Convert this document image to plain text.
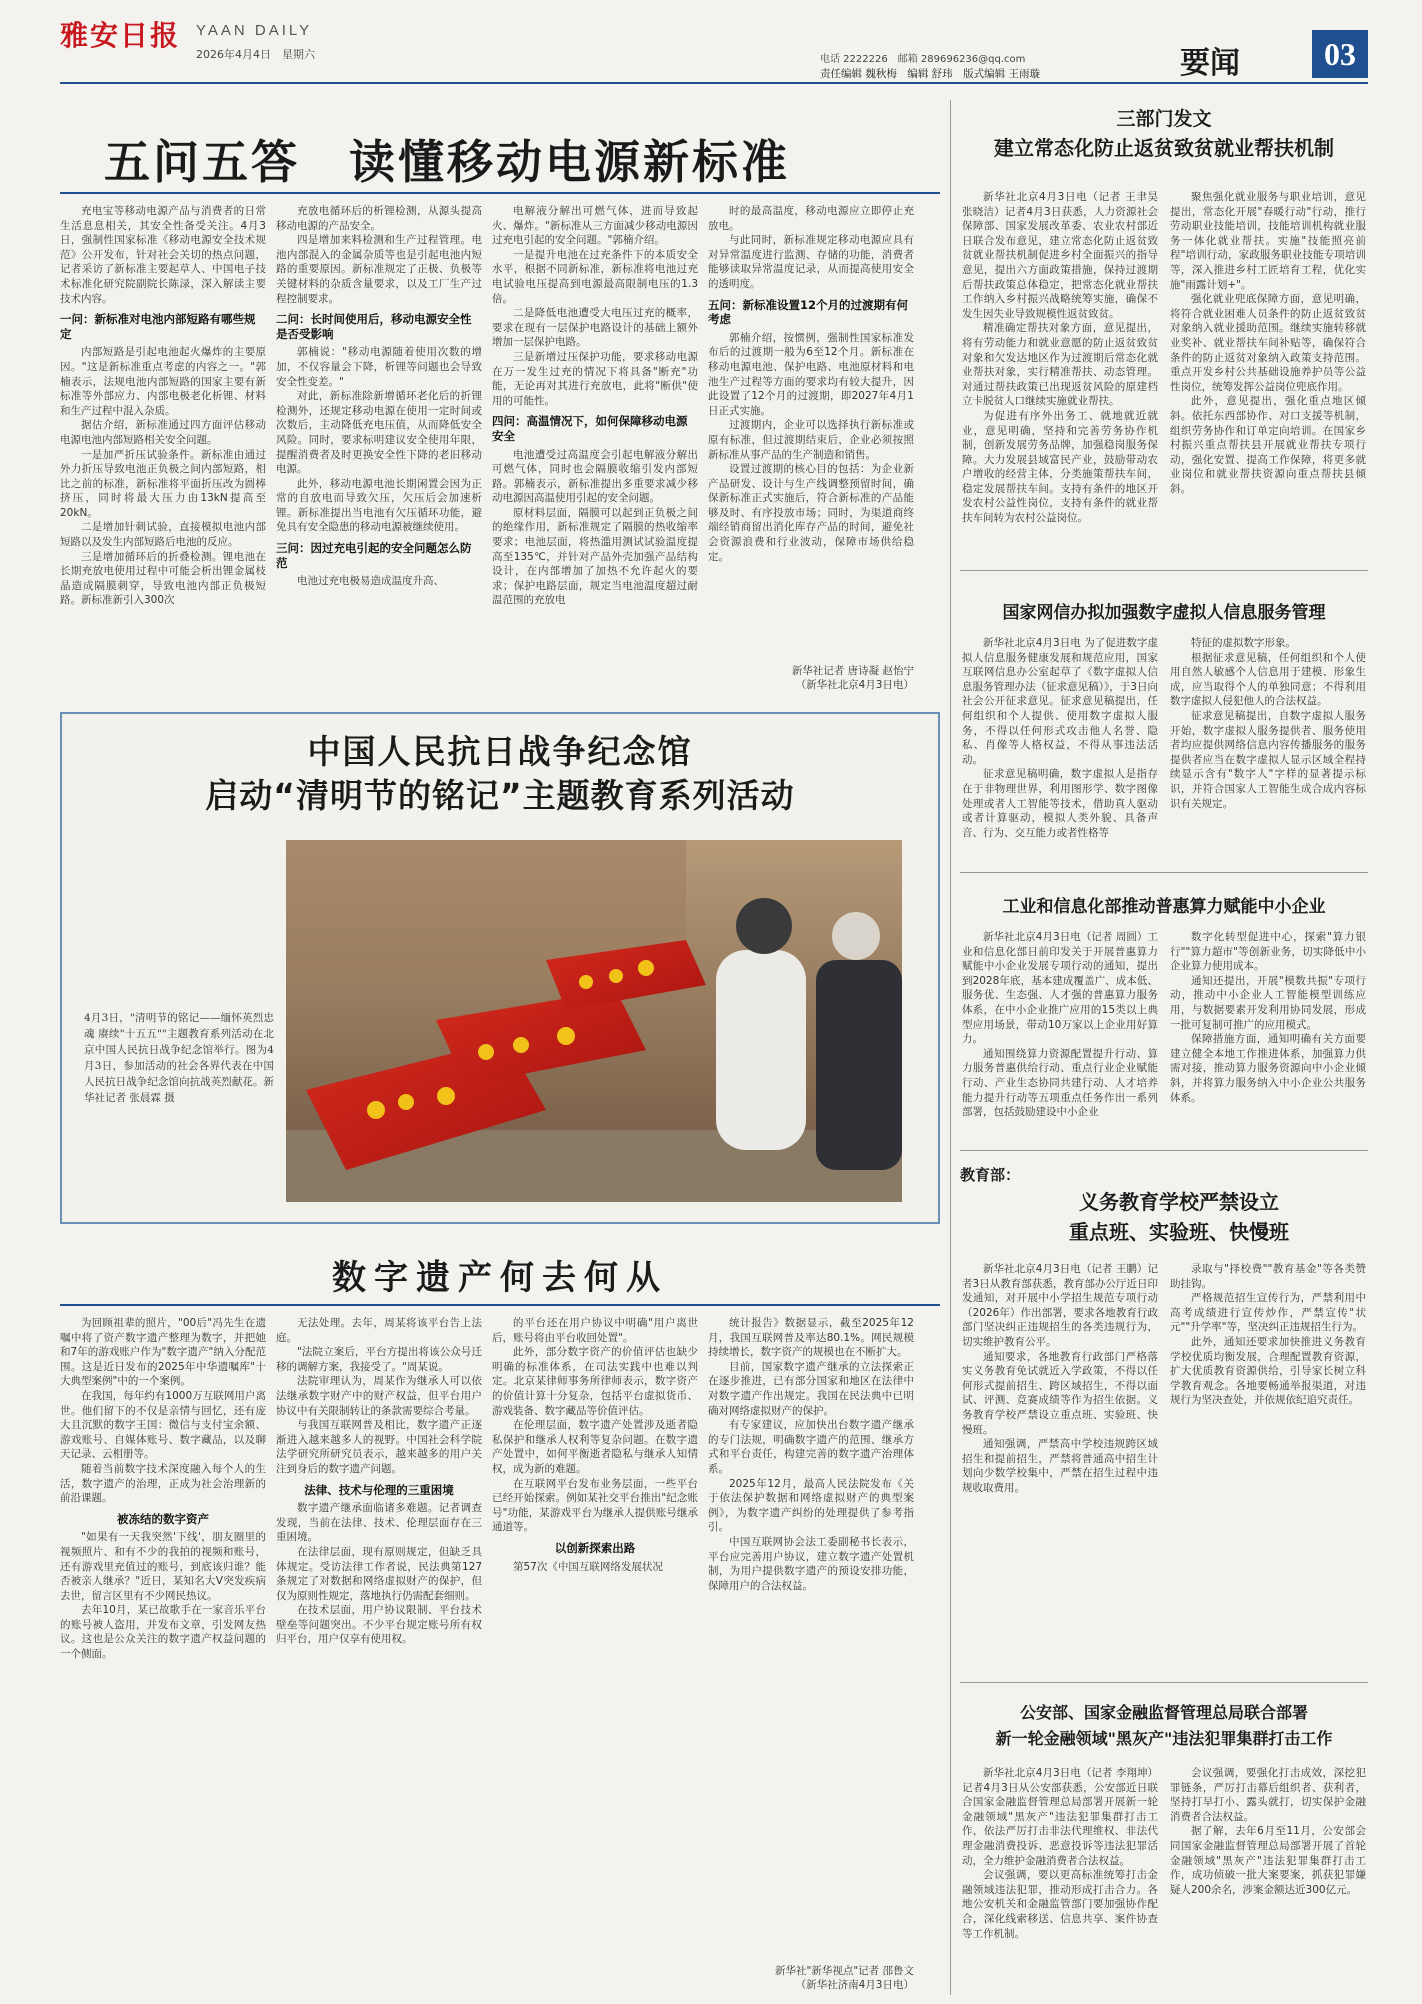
雅安日报 YAAN DAILY
2026年4月4日　星期六	电话 2222226　邮箱 289696236@qq.com
责任编辑 魏秋梅　编辑 舒玮　版式编辑 王雨璇	要闻	03
五问五答　读懂移动电源新标准

充电宝等移动电源产品与消费者的日常生活息息相关，其安全性备受关注。4月3日，强制性国家标准《移动电源安全技术规范》公开发布，针对社会关切的热点问题，记者采访了新标准主要起草人、中国电子技术标准化研究院副院长陈渌，深入解读主要技术内容。

一问：新标准对电池内部短路有哪些规定

内部短路是引起电池起火爆炸的主要原因。"这是新标准重点考虑的内容之一。"郭楠表示，法规电池内部短路的国家主要有新标准等外部应力、内部电极老化析锂、材料和生产过程中混入杂质。

据估介绍，新标准通过四方面评估移动电源电池内部短路相关安全问题。

一是加严折压试验条件。新标准由通过外力折压导致电池正负极之间内部短路，相比之前的标准，新标准将平面折压改为圆棒挤压，同时将最大压力由13kN提高至20kN。

二是增加针刺试验，直接模拟电池内部短路以及发生内部短路后电池的反应。

三是增加循环后的折叠检测。锂电池在长期充放电使用过程中可能会析出锂金属枝晶造成隔膜刺穿，导致电池内部正负极短路。新标准新引入300次

充放电循环后的析锂检测，从源头提高移动电源的产品安全。

四是增加来料检测和生产过程管理。电池内部混入的金属杂质等也是引起电池内短路的重要原因。新标准规定了正极、负极等关键材料的杂质含量要求，以及工厂生产过程控制要求。

二问：长时间使用后，移动电源安全性是否受影响

郭楠说："移动电源随着使用次数的增加，不仅容量会下降，析锂等问题也会导致安全性变差。"

对此，新标准除新增循环老化后的折锂检测外，还规定移动电源在使用一定时间或次数后，主动降低充电压值，从而降低安全风险。同时，要求标明建议安全使用年限，提醒消费者及时更换安全性下降的老旧移动电源。

此外，移动电源电池长期闲置会因为正常的自放电而导致欠压，欠压后会加速析锂。新标准提出当电池有欠压循环功能，避免具有安全隐患的移动电源被继续使用。

三问：因过充电引起的安全问题怎么防范

电池过充电极易造成温度升高、

电解液分解出可燃气体，进而导致起火、爆炸。"新标准从三方面减少移动电源因过充电引起的安全问题。"郭楠介绍。

一是提升电池在过充条件下的本质安全水平，根据不同新标准，新标准将电池过充电试验电压提高到电源最高限制电压的1.3倍。

二是降低电池遭受大电压过充的概率，要求在现有一层保护电路设计的基础上额外增加一层保护电路。

三是新增过压保护功能，要求移动电源在万一发生过充的情况下将具备"断充"功能，无论再对其进行充放电，此将"断供"使用的可能性。

四问：高温情况下，如何保障移动电源安全

电池遭受过高温度会引起电解液分解出可燃气体，同时也会隔膜收缩引发内部短路。郭楠表示，新标准提出多重要求减少移动电源因高温使用引起的安全问题。

原材料层面，隔膜可以起到正负极之间的绝缘作用，新标准规定了隔膜的热收缩率要求；电池层面，将热滥用测试试验温度提高至135℃，并针对产品外壳加强产品结构设计，在内部增加了加热不允许起火的要求；保护电路层面，规定当电池温度超过耐温范围的充放电

时的最高温度，移动电源应立即停止充放电。

与此同时，新标准规定移动电源应具有对异常温度进行监测、存储的功能，消费者能够读取异常温度记录，从而提高使用安全的透明度。

五问：新标准设置12个月的过渡期有何考虑

郭楠介绍，按惯例，强制性国家标准发布后的过渡期一般为6至12个月。新标准在移动电源电池、保护电路、电池原材料和电池生产过程等方面的要求均有较大提升，因此设置了12个月的过渡期，即2027年4月1日正式实施。

过渡期内，企业可以选择执行新标准或原有标准，但过渡期结束后，企业必须按照新标准从事产品的生产制造和销售。

设置过渡期的核心目的包括：为企业新产品研发、设计与生产线调整预留时间，确保新标准正式实施后，符合新标准的产品能够及时、有序投放市场；同时，为渠道商终端经销商留出消化库存产品的时间，避免社会资源浪费和行业波动，保障市场供给稳定。

新华社记者 唐诗凝 赵怡宁
（新华社北京4月3日电）
三部门发文
建立常态化防止返贫致贫就业帮扶机制

新华社北京4月3日电（记者 王聿昊 张晓洁）记者4月3日获悉，人力资源社会保障部、国家发展改革委、农业农村部近日联合发布意见，建立常态化防止返贫致贫就业帮扶机制促进乡村全面振兴的指导意见，提出六方面政策措施，保持过渡期后帮扶政策总体稳定，把常态化就业帮扶工作纳入乡村振兴战略统筹实施，确保不发生因失业导致规模性返贫致贫。

精准确定帮扶对象方面，意见提出，将有劳动能力和就业意愿的防止返贫致贫对象和欠发达地区作为过渡期后常态化就业帮扶对象，实行精准帮扶、动态管理。对通过帮扶政策已出现返贫风险的原建档立卡脱贫人口继续实施就业帮扶。

为促进有序外出务工、就地就近就业，意见明确，坚持和完善劳务协作机制，创新发展劳务品牌，加强稳岗服务保障。大力发展县域富民产业，鼓励带动农户增收的经营主体，分类施策帮扶车间，稳定发展帮扶车间。支持有条件的地区开发农村公益性岗位，支持有条件的就业帮扶车间转为农村公益岗位。

聚焦强化就业服务与职业培训，意见提出，常态化开展"春暖行动"行动，推行劳动职业技能培训，技能培训机构就业服务一体化就业帮扶。实施"技能照亮前程"培训行动，家政服务职业技能专项培训等，深入推进乡村工匠培育工程，优化实施"雨露计划+"。

强化就业兜底保障方面，意见明确，将符合就业困难人员条件的防止返贫致贫对象纳入就业援助范围。继续实施转移就业奖补、就业帮扶车间补贴等，确保符合条件的防止返贫对象纳入政策支持范围。重点开发乡村公共基础设施养护员等公益性岗位，统筹发挥公益岗位兜底作用。

此外，意见提出，强化重点地区倾斜。依托东西部协作、对口支援等机制，组织劳务协作和订单定向培训。在国家乡村振兴重点帮扶县开展就业帮扶专项行动，强化安置、提高工作保障，将更多就业岗位和就业帮扶资源向重点帮扶县倾斜。

国家网信办拟加强数字虚拟人信息服务管理

新华社北京4月3日电 为了促进数字虚拟人信息服务健康发展和规范应用，国家互联网信息办公室起草了《数字虚拟人信息服务管理办法（征求意见稿）》，于3日向社会公开征求意见。征求意见稿提出，任何组织和个人提供、使用数字虚拟人服务，不得以任何形式攻击他人名誉、隐私、肖像等人格权益，不得从事违法活动。

征求意见稿明确，数字虚拟人是指存在于非物理世界，利用图形学、数字图像处理或者人工智能等技术，借助真人驱动或者计算驱动，模拟人类外貌、具备声音、行为、交互能力或者性格等

特征的虚拟数字形象。

根据征求意见稿，任何组织和个人使用自然人敏感个人信息用于建模、形象生成，应当取得个人的单独同意；不得利用数字虚拟人侵犯他人的合法权益。

征求意见稿提出，自数字虚拟人服务开始，数字虚拟人服务提供者、服务使用者均应提供网络信息内容传播服务的服务提供者应当在数字虚拟人显示区域全程持续显示含有"数字人"字样的显著提示标识，并符合国家人工智能生成合成内容标识有关规定。

工业和信息化部推动普惠算力赋能中小企业

新华社北京4月3日电（记者 周圆）工业和信息化部日前印发关于开展普惠算力赋能中小企业发展专项行动的通知，提出到2028年底，基本建成覆盖广、成本低、服务优、生态强、人才强的普惠算力服务体系，在中小企业推广应用的15类以上典型应用场景，带动10万家以上企业用好算力。

通知围绕算力资源配置提升行动、算力服务普惠供给行动、重点行业企业赋能行动、产业生态协同共建行动、人才培养能力提升行动等五项重点任务作出一系列部署，包括鼓励建设中小企业

数字化转型促进中心，探索"算力银行""算力超市"等创新业务，切实降低中小企业算力使用成本。

通知还提出，开展"模数共振"专项行动，推动中小企业人工智能模型训练应用，与数据要素开发利用协同发展，形成一批可复制可推广的应用模式。

保障措施方面，通知明确有关方面要建立健全本地工作推进体系，加强算力供需对接，推动算力服务资源向中小企业倾斜，并将算力服务纳入中小企业公共服务体系。

教育部：
义务教育学校严禁设立
重点班、实验班、快慢班

新华社北京4月3日电（记者 王鹏）记者3日从教育部获悉，教育部办公厅近日印发通知，对开展中小学招生规范专项行动（2026年）作出部署，要求各地教育行政部门坚决纠正违规招生的各类违规行为，切实维护教育公平。

通知要求，各地教育行政部门严格落实义务教育免试就近入学政策，不得以任何形式提前招生、跨区域招生，不得以面试、评测、竞赛成绩等作为招生依据。义务教育学校严禁设立重点班、实验班、快慢班。

通知强调，严禁高中学校违规跨区域招生和提前招生，严禁将普通高中招生计划向少数学校集中，严禁在招生过程中违规收取费用。

录取与"择校费""教育基金"等各类赞助挂钩。

严格规范招生宣传行为，严禁利用中高考成绩进行宣传炒作，严禁宣传"状元""升学率"等，坚决纠正违规招生行为。

此外，通知还要求加快推进义务教育学校优质均衡发展，合理配置教育资源，扩大优质教育资源供给，引导家长树立科学教育观念。各地要畅通举报渠道，对违规行为坚决查处，并依规依纪追究责任。

公安部、国家金融监督管理总局联合部署
新一轮金融领域"黑灰产"违法犯罪集群打击工作

新华社北京4月3日电（记者 李翔坤）记者4月3日从公安部获悉，公安部近日联合国家金融监督管理总局部署开展新一轮金融领域"黑灰产"违法犯罪集群打击工作，依法严厉打击非法代理维权、非法代理金融消费投诉、恶意投诉等违法犯罪活动，全力维护金融消费者合法权益。

会议强调，要以更高标准统筹打击金融领域违法犯罪，推动形成打击合力。各地公安机关和金融监管部门要加强协作配合，深化线索移送、信息共享、案件协查等工作机制。

会议强调，要强化打击成效，深挖犯罪链条，严厉打击幕后组织者、获利者，坚持打早打小、露头就打，切实保护金融消费者合法权益。

据了解，去年6月至11月，公安部会同国家金融监督管理总局部署开展了首轮金融领域"黑灰产"违法犯罪集群打击工作，成功侦破一批大案要案，抓获犯罪嫌疑人200余名，涉案金额达近300亿元。

中国人民抗日战争纪念馆
启动“清明节的铭记”主题教育系列活动
4月3日，"清明节的铭记——缅怀英烈忠魂 赓续"十五五""主题教育系列活动在北京中国人民抗日战争纪念馆举行。图为4月3日，参加活动的社会各界代表在中国人民抗日战争纪念馆向抗战英烈献花。新华社记者 张晨霖 摄
数字遗产何去何从

为回顾祖辈的照片，"00后"冯先生在遗嘱中将了资产数字遗产整理为数字，并把她和7年的游戏账户作为"数字遗产"纳入分配范围。这是近日发布的2025年中华遗嘱库"十大典型案例"中的一个案例。

在我国，每年约有1000万互联网用户离世。他们留下的不仅是亲情与回忆，还有庞大且沉默的数字王国：微信与支付宝余额、游戏账号、自媒体账号、数字藏品，以及聊天记录、云相册等。

随着当前数字技术深度融入每个人的生活，数字遗产的治理，正成为社会治理新的前沿课题。

被冻结的数字资产

"如果有一天我突然'下线'，朋友圈里的视频照片、和有不少的我拍的视频和账号，还有游戏里充值过的账号，到底该归谁？能否被亲人继承？"近日，某知名大V突发疾病去世，留言区里有不少网民热议。

去年10月，某已故歌手在一家音乐平台的账号被人盗用，并发布文章，引发网友热议。这也是公众关注的数字遗产权益问题的一个侧面。

无法处理。去年，周某将该平台告上法庭。

"法院立案后，平台方提出将该公众号迁移的调解方案，我接受了。"周某说。

法院审理认为，周某作为继承人可以依法继承数字财产中的财产权益，但平台用户协议中有关限制转让的条款需要综合考量。

与我国互联网普及相比，数字遗产正逐渐进入越来越多人的视野。中国社会科学院法学研究所研究员表示，越来越多的用户关注到身后的数字遗产问题。

法律、技术与伦理的三重困境

数字遗产继承面临诸多难题。记者调查发现，当前在法律、技术、伦理层面存在三重困境。

在法律层面，现有原则规定，但缺乏具体规定。受访法律工作者说，民法典第127条规定了对数据和网络虚拟财产的保护，但仅为原则性规定，落地执行仍需配套细则。

在技术层面，用户协议限制、平台技术壁垒等问题突出。不少平台规定账号所有权归平台，用户仅享有使用权。

的平台还在用户协议中明确"用户离世后，账号将由平台收回处置"。

此外，部分数字资产的价值评估也缺少明确的标准体系，在司法实践中也难以判定。北京某律师事务所律师表示，数字资产的价值计算十分复杂，包括平台虚拟货币、游戏装备、数字藏品等价值评估。

在伦理层面，数字遗产处置涉及逝者隐私保护和继承人权利等复杂问题。在数字遗产处置中，如何平衡逝者隐私与继承人知情权，成为新的难题。

在互联网平台发布业务层面，一些平台已经开始探索。例如某社交平台推出"纪念账号"功能，某游戏平台为继承人提供账号继承通道等。

以创新探索出路

第57次《中国互联网络发展状况

统计报告》数据显示，截至2025年12月，我国互联网普及率达80.1%。网民规模持续增长，数字资产的规模也在不断扩大。

目前，国家数字遗产继承的立法探索正在逐步推进，已有部分国家和地区在法律中对数字遗产作出规定。我国在民法典中已明确对网络虚拟财产的保护。

有专家建议，应加快出台数字遗产继承的专门法规，明确数字遗产的范围、继承方式和平台责任，构建完善的数字遗产治理体系。

2025年12月，最高人民法院发布《关于依法保护数据和网络虚拟财产的典型案例》，为数字遗产纠纷的处理提供了参考指引。

中国互联网协会法工委副秘书长表示，平台应完善用户协议，建立数字遗产处置机制，为用户提供数字遗产的预设安排功能，保障用户的合法权益。

新华社"新华视点"记者 邵鲁文
（新华社济南4月3日电）
